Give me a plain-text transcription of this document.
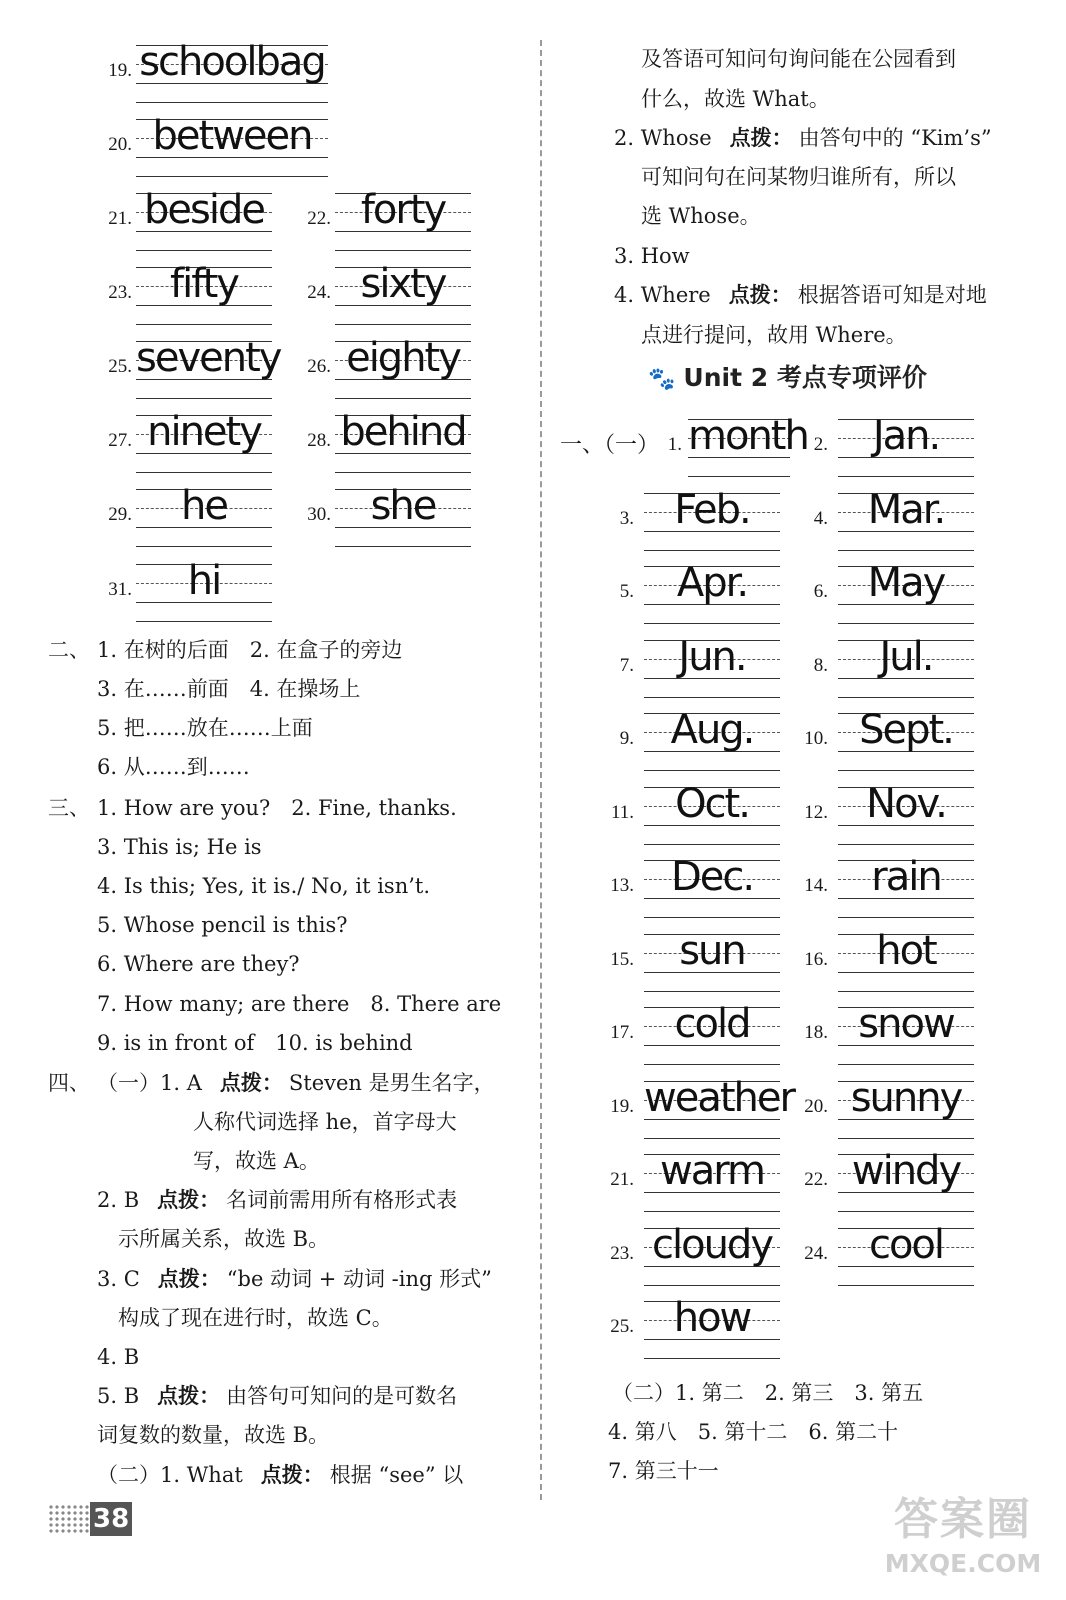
19. schoolbag
20. between
21. beside	22. forty
23. fifty	24. sixty
25. seventy	26. eighty
27. ninety	28. behind
29.	he	30. she
31.	hi
二、 1. 在树的后面　2. 在盒子的旁边
3. 在……前面　4. 在操场上
5. 把……放在……上面
6. 从……到……
三、 1. How are you?　2. Fine, thanks.
3. This is; He is
4. Is this; Yes, it is./ No, it isn’t.
5. Whose pencil is this?
6. Where are they?
7. How many; are there　8. There are
9. is in front of　10. is behind
四、 （一）1. A 点拨： Steven 是男生名字，
人称代词选择 he，首字母大
写，故选 A。
2. B 点拨： 名词前需用所有格形式表
示所属关系，故选 B。
3. C 点拨： “be 动词 + 动词 -ing 形式”
构成了现在进行时，故选 C。
4. B
5. B 点拨： 由答句可知问的是可数名
词复数的数量，故选 B。
（二）1. What 点拨： 根据 “see” 以
38
及答语可知问句询问能在公园看到
什么，故选 What。
2. Whose 点拨： 由答句中的 “Kim’s”
可知问句在问某物归谁所有，所以
选 Whose。
3. How
4. Where 点拨： 根据答语可知是对地
点进行提问，故用 Where。
🐾 Unit 2 考点专项评价
一、（一） 1. month 2.	Jan.
3.	Feb.	4. Mar.
5.	Apr.	6. May
7.	Jun.	8.	Jul.
9. Aug.	10. Sept.
11.	Oct.	12. Nov.
13. Dec.	14.	rain
15.	sun	16.	hot
17.	cold	18. snow
19. weather 20. sunny
21. warm	22. windy
23. cloudy	24.	cool
25. how
（二）1. 第二　2. 第三　3. 第五
4. 第八　5. 第十二　6. 第二十
7. 第三十一
答案圈
MXQE.COM
